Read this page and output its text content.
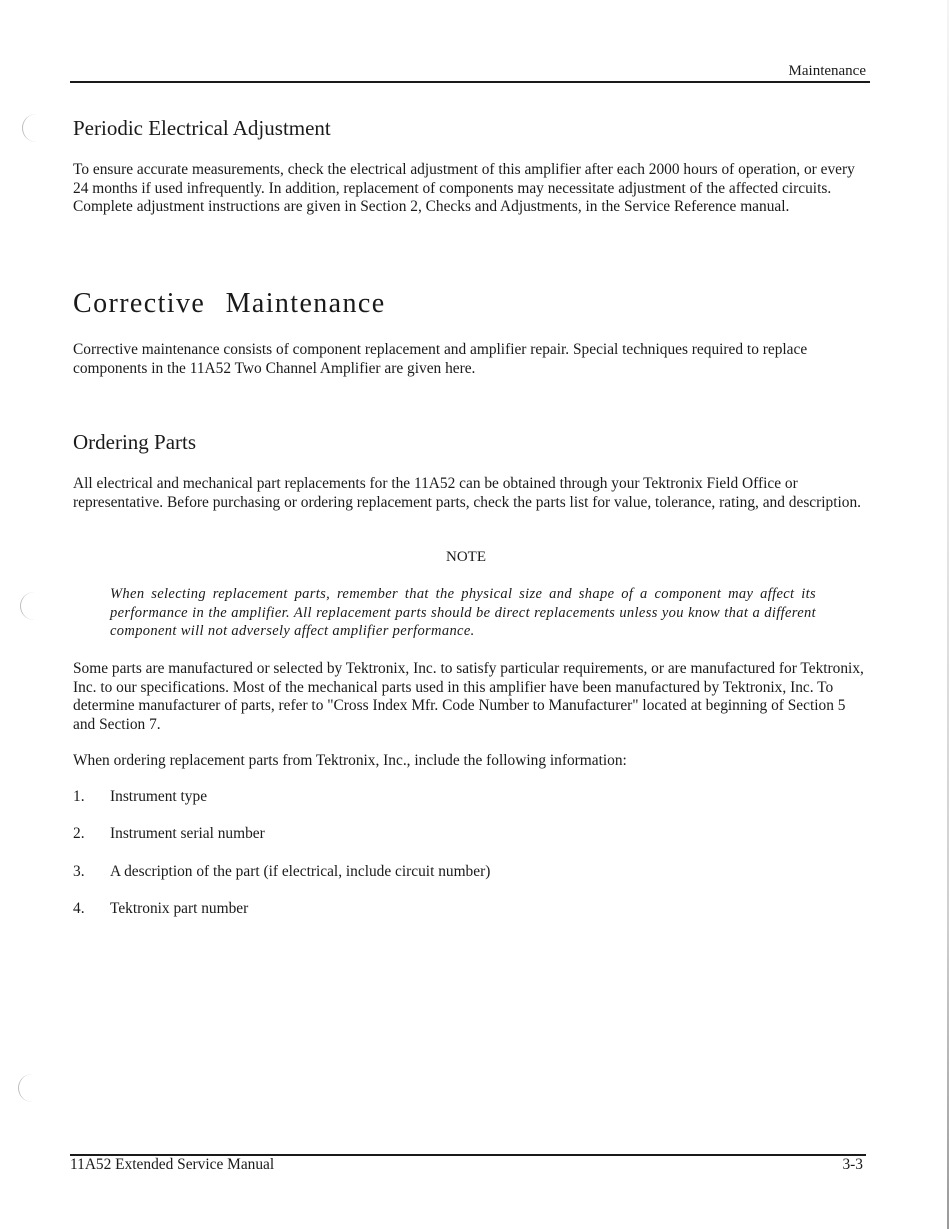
Maintenance
Periodic Electrical Adjustment

To ensure accurate measurements, check the electrical adjustment of this amplifier after each 2000 hours of operation, or every 24 months if used infrequently. In addition, replacement of components may necessitate adjustment of the affected circuits. Complete adjustment instructions are given in Section 2, Checks and Adjustments, in the Service Reference manual.

Corrective Maintenance

Corrective maintenance consists of component replacement and amplifier repair. Special techniques required to replace components in the 11A52 Two Channel Amplifier are given here.

Ordering Parts

All electrical and mechanical part replacements for the 11A52 can be obtained through your Tektronix Field Office or representative. Before purchasing or ordering replacement parts, check the parts list for value, tolerance, rating, and description.

NOTE

When selecting replacement parts, remember that the physical size and shape of a component may affect its performance in the amplifier. All replacement parts should be direct replacements unless you know that a different component will not adversely affect amplifier performance.

Some parts are manufactured or selected by Tektronix, Inc. to satisfy particular requirements, or are manufactured for Tektronix, Inc. to our specifications. Most of the mechanical parts used in this amplifier have been manufactured by Tektronix, Inc. To determine manufacturer of parts, refer to "Cross Index Mfr. Code Number to Manufacturer" located at beginning of Section 5 and Section 7.

When ordering replacement parts from Tektronix, Inc., include the following information:

1. Instrument type
2. Instrument serial number
3. A description of the part (if electrical, include circuit number)
4. Tektronix part number
11A52 Extended Service Manual	3-3
